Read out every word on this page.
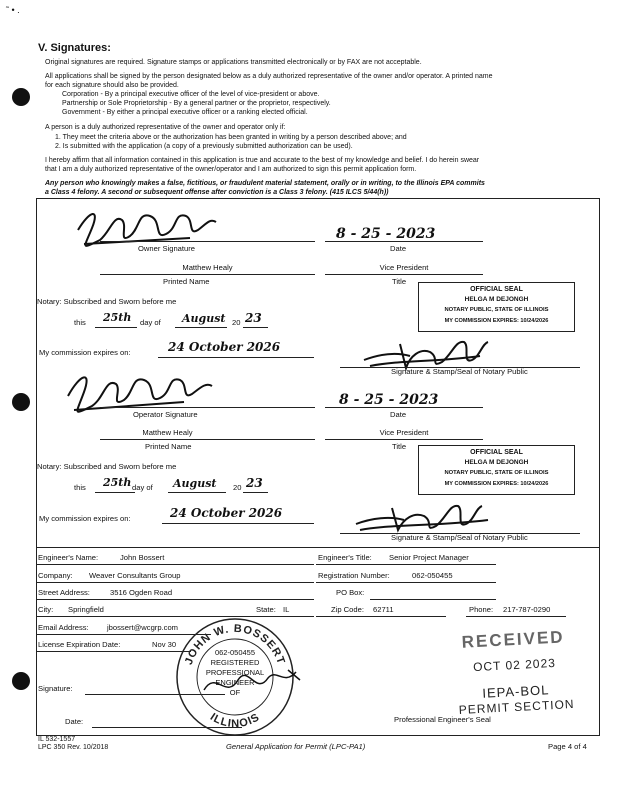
˜ • .
V. Signatures:
Original signatures are required. Signature stamps or applications transmitted electronically or by FAX are not acceptable.
All applications shall be signed by the person designated below as a duly authorized representative of the owner and/or operator. A printed name
for each signature should also be provided.
Corporation - By a principal executive officer of the level of vice-president or above.
Partnership or Sole Proprietorship - By a general partner or the proprietor, respectively.
Government - By either a principal executive officer or a ranking elected official.
A person is a duly authorized representative of the owner and operator only if:
1. They meet the criteria above or the authorization has been granted in writing by a person described above; and
2. Is submitted with the application (a copy of a previously submitted authorization can be used).
I hereby affirm that all information contained in this application is true and accurate to the best of my knowledge and belief. I do herein swear
that I am a duly authorized representative of the owner/operator and I am authorized to sign this permit application form.
Any person who knowingly makes a false, fictitious, or fraudulent material statement, orally or in writing, to the Illinois EPA commits
a Class 4 felony. A second or subsequent offense after conviction is a Class 3 felony. (415 ILCS 5/44(h))
Owner Signature
8 - 25 - 2023
Date
Matthew Healy
Printed Name
Vice President
Title
Notary: Subscribed and Sworn before me
this 25th day of August 20 23
My commission expires on:	24 October 2026
Signature & Stamp/Seal of Notary Public
OFFICIAL SEAL
HELGA M DEJONGH
NOTARY PUBLIC, STATE OF ILLINOIS
MY COMMISSION EXPIRES: 10/24/2026
Operator Signature
8 - 25 - 2023
Date
Matthew Healy
Printed Name
Vice President
Title
Notary: Subscribed and Sworn before me
this 25th day of August 20 23
My commission expires on:	24 October 2026
Signature & Stamp/Seal of Notary Public
OFFICIAL SEAL
HELGA M DEJONGH
NOTARY PUBLIC, STATE OF ILLINOIS
MY COMMISSION EXPIRES: 10/24/2026
Engineer's Name:	John Bossert	Engineer's Title: Senior Project Manager
Company: Weaver Consultants Group	Registration Number:	062-050455
Street Address:	3516 Ogden Road	PO Box:
City: Springfield	State: IL	Zip Code: 62711	Phone: 217-787-0290
Email Address: jbossert@wcgrp.com
License Expiration Date:	Nov 30
Signature:
Date:
JOHN W. BOSSERT
ILLINOIS
062-050455
REGISTERED
PROFESSIONAL
ENGINEER
OF
RECEIVED
OCT 02 2023
IEPA-BOL
PERMIT SECTION
Professional Engineer's Seal
IL 532-1557
LPC 350 Rev. 10/2018	General Application for Permit (LPC-PA1)	Page 4 of 4
